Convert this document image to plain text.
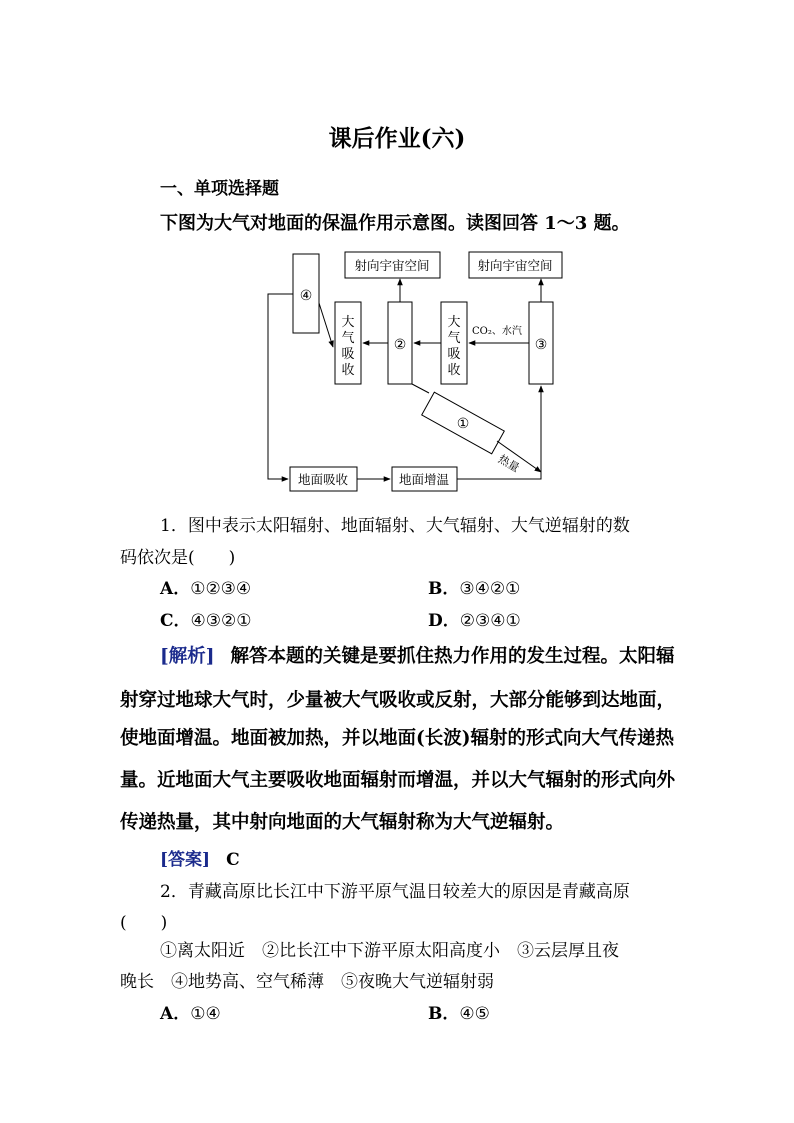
课后作业(六)
一、单项选择题
下图为大气对地面的保温作用示意图。读图回答 1～3 题。
射向宇宙空间	射向宇宙空间
④
②	③
①
大气吸收
大气吸收
CO₂、水汽
热量
地面吸收	地面增温
1．图中表示太阳辐射、地面辐射、大气辐射、大气逆辐射的数
码依次是(　　)
A．①②③④	B．③④②①
C．④③②①	D．②③④①
[解析] 解答本题的关键是要抓住热力作用的发生过程。太阳辐
射穿过地球大气时，少量被大气吸收或反射，大部分能够到达地面，
使地面增温。地面被加热，并以地面(长波)辐射的形式向大气传递热
量。近地面大气主要吸收地面辐射而增温，并以大气辐射的形式向外
传递热量，其中射向地面的大气辐射称为大气逆辐射。
[答案] C
2．青藏高原比长江中下游平原气温日较差大的原因是青藏高原
(　　)
①离太阳近　②比长江中下游平原太阳高度小　③云层厚且夜
晚长　④地势高、空气稀薄　⑤夜晚大气逆辐射弱
A．①④	B．④⑤
